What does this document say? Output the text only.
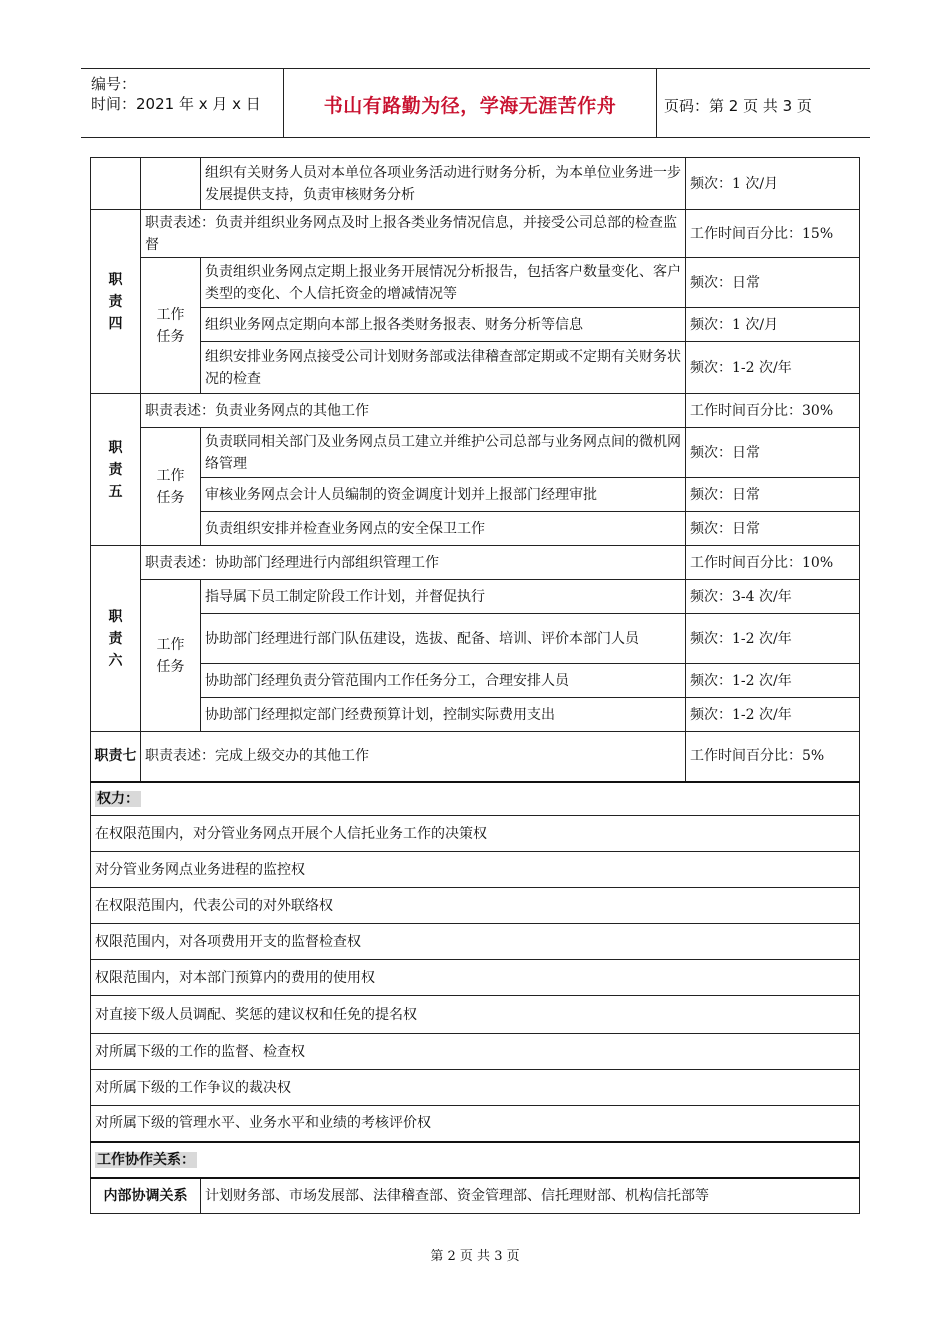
编号：
时间：2021 年 x 月 x 日	书山有路勤为径，学海无涯苦作舟	页码：第 2 页 共 3 页
		组织有关财务人员对本单位各项业务活动进行财务分析，为本单位业务进一步发展提供支持，负责审核财务分析	频次：1 次/月
职责四	职责表述：负责并组织业务网点及时上报各类业务情况信息，并接受公司总部的检查监督		工作时间百分比：15%
	工作任务	负责组织业务网点定期上报业务开展情况分析报告，包括客户数量变化、客户类型的变化、个人信托资金的增减情况等	频次：日常
		组织业务网点定期向本部上报各类财务报表、财务分析等信息	频次：1 次/月
		组织安排业务网点接受公司计划财务部或法律稽查部定期或不定期有关财务状况的检查	频次：1-2 次/年
职责五	职责表述：负责业务网点的其他工作		工作时间百分比：30%
	工作任务	负责联同相关部门及业务网点员工建立并维护公司总部与业务网点间的微机网络管理	频次：日常
		审核业务网点会计人员编制的资金调度计划并上报部门经理审批	频次：日常
		负责组织安排并检查业务网点的安全保卫工作	频次：日常
职责六	职责表述：协助部门经理进行内部组织管理工作		工作时间百分比：10%
	工作任务	指导属下员工制定阶段工作计划，并督促执行	频次：3-4 次/年
		协助部门经理进行部门队伍建设，选拔、配备、培训、评价本部门人员	频次：1-2 次/年
		协助部门经理负责分管范围内工作任务分工，合理安排人员	频次：1-2 次/年
		协助部门经理拟定部门经费预算计划，控制实际费用支出	频次：1-2 次/年
职责七	职责表述：完成上级交办的其他工作		工作时间百分比：5%
权力：			
在权限范围内，对分管业务网点开展个人信托业务工作的决策权			
对分管业务网点业务进程的监控权			
在权限范围内，代表公司的对外联络权			
权限范围内，对各项费用开支的监督检查权			
权限范围内，对本部门预算内的费用的使用权			
对直接下级人员调配、奖惩的建议权和任免的提名权			
对所属下级的工作的监督、检查权			
对所属下级的工作争议的裁决权			
对所属下级的管理水平、业务水平和业绩的考核评价权			
工作协作关系：			
内部协调关系		计划财务部、市场发展部、法律稽查部、资金管理部、信托理财部、机构信托部等	
第 2 页 共 3 页
